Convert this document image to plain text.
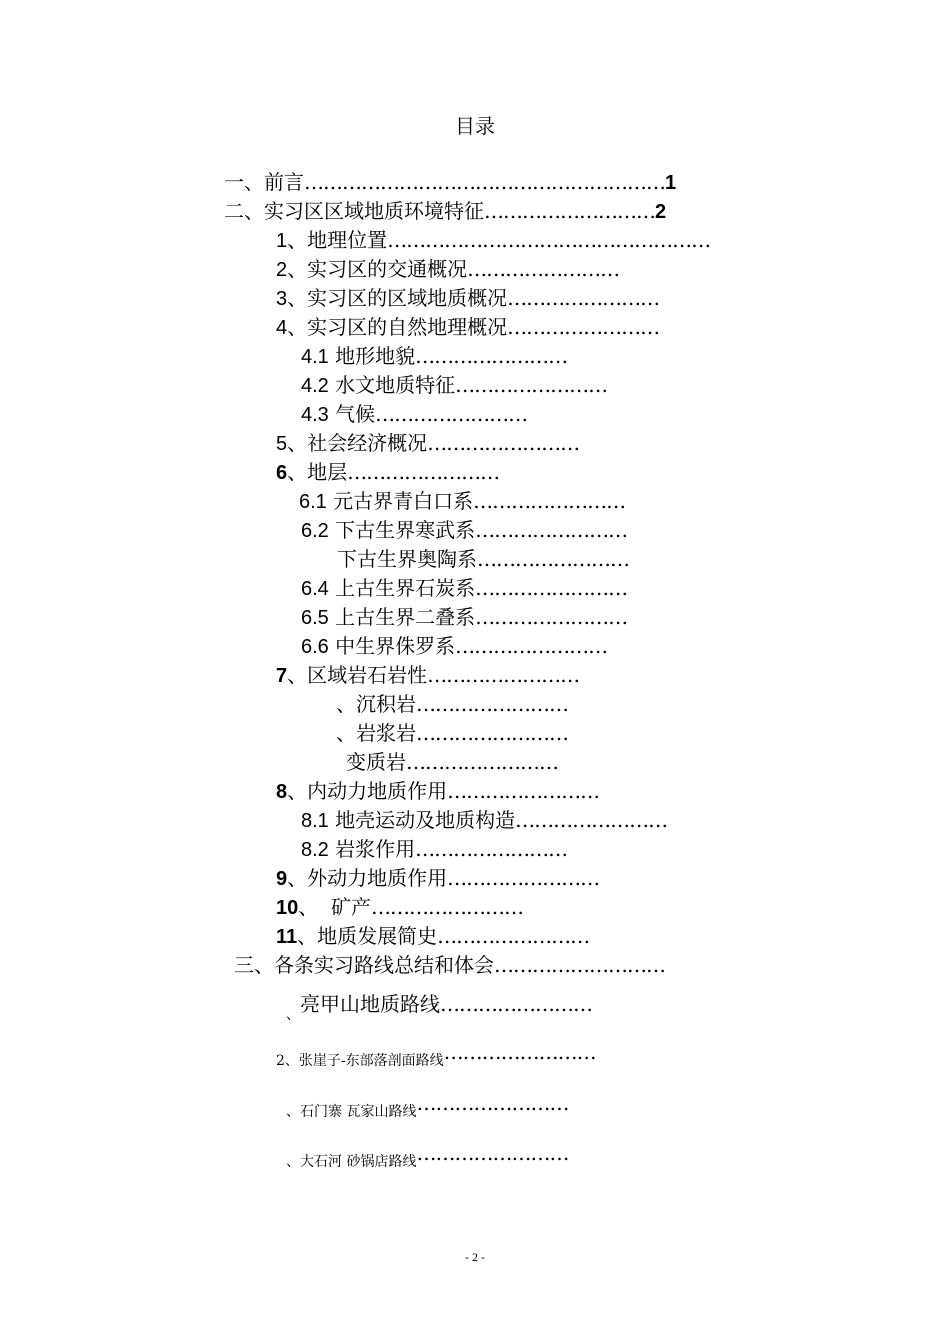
目录
一、前言…………………………………………………1
二、实习区区域地质环境特征………………………2
1、地理位置……………………………………………
2、实习区的交通概况……………………
3、实习区的区域地质概况……………………
4、实习区的自然地理概况……………………
4.1 地形地貌……………………
4.2 水文地质特征……………………
4.3 气候……………………
5、社会经济概况……………………
6、地层……………………
6.1 元古界青白口系……………………
6.2 下古生界寒武系……………………
下古生界奥陶系……………………
6.4 上古生界石炭系……………………
6.5 上古生界二叠系……………………
6.6 中生界侏罗系……………………
7、区域岩石岩性……………………
、沉积岩……………………
、岩浆岩……………………
变质岩……………………
8、内动力地质作用……………………
8.1 地壳运动及地质构造……………………
8.2 岩浆作用……………………
9、外动力地质作用……………………
10、 矿产……………………
11、地质发展简史……………………
三、各条实习路线总结和体会………………………
$_、$亮甲山地质路线……………………
2、张崖子-东部落剖面路线……………………
、石门寨 瓦家山路线……………………
、大石河 砂锅店路线……………………
- 2 -
